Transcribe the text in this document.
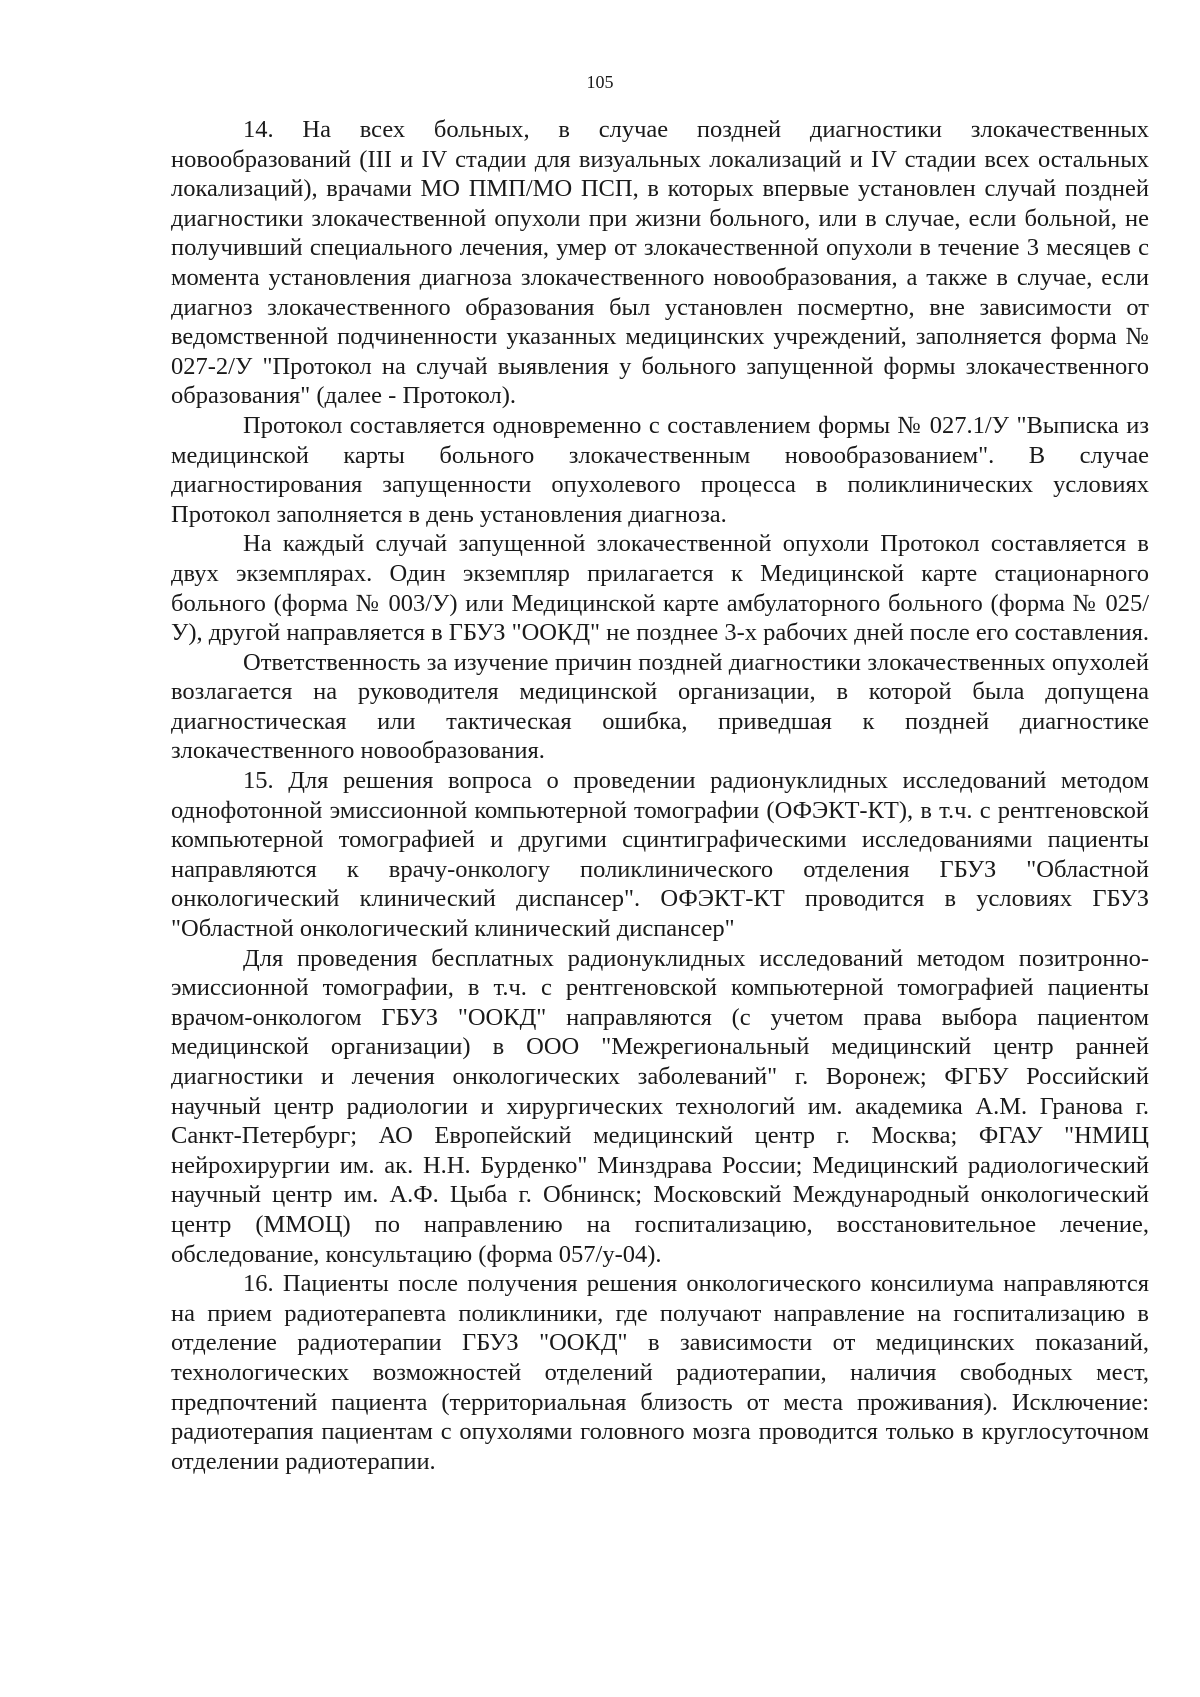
105

14. На всех больных, в случае поздней диагностики злокачественных новообразований (III и IV стадии для визуальных локализаций и IV стадии всех остальных локализаций), врачами МО ПМП/МО ПСП, в которых впервые установлен случай поздней диагностики злокачественной опухоли при жизни больного, или в случае, если больной, не получивший специального лечения, умер от злокачественной опухоли в течение 3 месяцев с момента установления диагноза злокачественного новообразования, а также в случае, если диагноз злокачественного образования был установлен посмертно, вне зависимости от ведомственной подчиненности указанных медицинских учреждений, заполняется форма № 027-2/У "Протокол на случай выявления у больного запущенной формы злокачественного образования" (далее - Протокол).

Протокол составляется одновременно с составлением формы № 027.1/У "Выписка из медицинской карты больного злокачественным новообразованием". В случае диагностирования запущенности опухолевого процесса в поликлинических условиях Протокол заполняется в день установления диагноза.

На каждый случай запущенной злокачественной опухоли Протокол составляется в двух экземплярах. Один экземпляр прилагается к Медицинской карте стационарного больного (форма № 003/У) или Медицинской карте амбулаторного больного (форма № 025/У), другой направляется в ГБУЗ "ООКД" не позднее 3-х рабочих дней после его составления.

Ответственность за изучение причин поздней диагностики злокачественных опухолей возлагается на руководителя медицинской организации, в которой была допущена диагностическая или тактическая ошибка, приведшая к поздней диагностике злокачественного новообразования.

15. Для решения вопроса о проведении радионуклидных исследований методом однофотонной эмиссионной компьютерной томографии (ОФЭКТ-КТ), в т.ч. с рентгеновской компьютерной томографией и другими сцинтиграфическими исследованиями пациенты направляются к врачу-онкологу поликлинического отделения ГБУЗ "Областной онкологический клинический диспансер". ОФЭКТ-КТ проводится в условиях ГБУЗ "Областной онкологический клинический диспансер"

Для проведения бесплатных радионуклидных исследований методом позитронно-эмиссионной томографии, в т.ч. с рентгеновской компьютерной томографией пациенты врачом-онкологом ГБУЗ "ООКД" направляются (с учетом права выбора пациентом медицинской организации) в ООО "Межрегиональный медицинский центр ранней диагностики и лечения онкологических заболеваний" г. Воронеж; ФГБУ Российский научный центр радиологии и хирургических технологий им. академика А.М. Гранова г. Санкт-Петербург; АО Европейский медицинский центр г. Москва; ФГАУ "НМИЦ нейрохирургии им. ак. Н.Н. Бурденко" Минздрава России; Медицинский радиологический научный центр им. А.Ф. Цыба г. Обнинск; Московский Международный онкологический центр (ММОЦ) по направлению на госпитализацию, восстановительное лечение, обследование, консультацию (форма 057/у-04).

16. Пациенты после получения решения онкологического консилиума направляются на прием радиотерапевта поликлиники, где получают направление на госпитализацию в отделение радиотерапии ГБУЗ "ООКД" в зависимости от медицинских показаний, технологических возможностей отделений радиотерапии, наличия свободных мест, предпочтений пациента (территориальная близость от места проживания). Исключение: радиотерапия пациентам с опухолями головного мозга проводится только в круглосуточном отделении радиотерапии.
